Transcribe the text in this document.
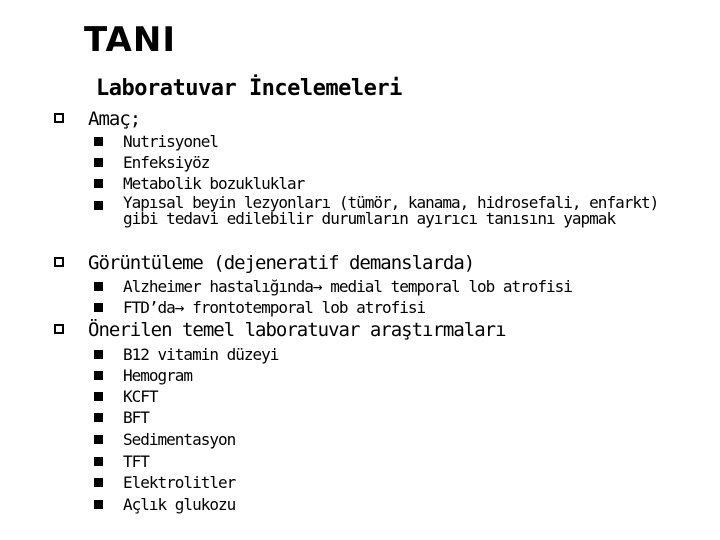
TANI
Laboratuvar İncelemeleri
Amaç;
Nutrisyonel
Enfeksiyöz
Metabolik bozukluklar
Yapısal beyin lezyonları (tümör, kanama, hidrosefali, enfarkt) gibi tedavi edilebilir durumların ayırıcı tanısını yapmak
Görüntüleme (dejeneratif demanslarda)
Alzheimer hastalığında→ medial temporal lob atrofisi
FTD’da→ frontotemporal lob atrofisi
Önerilen temel laboratuvar araştırmaları
B12 vitamin düzeyi
Hemogram
KCFT
BFT
Sedimentasyon
TFT
Elektrolitler
Açlık glukozu
